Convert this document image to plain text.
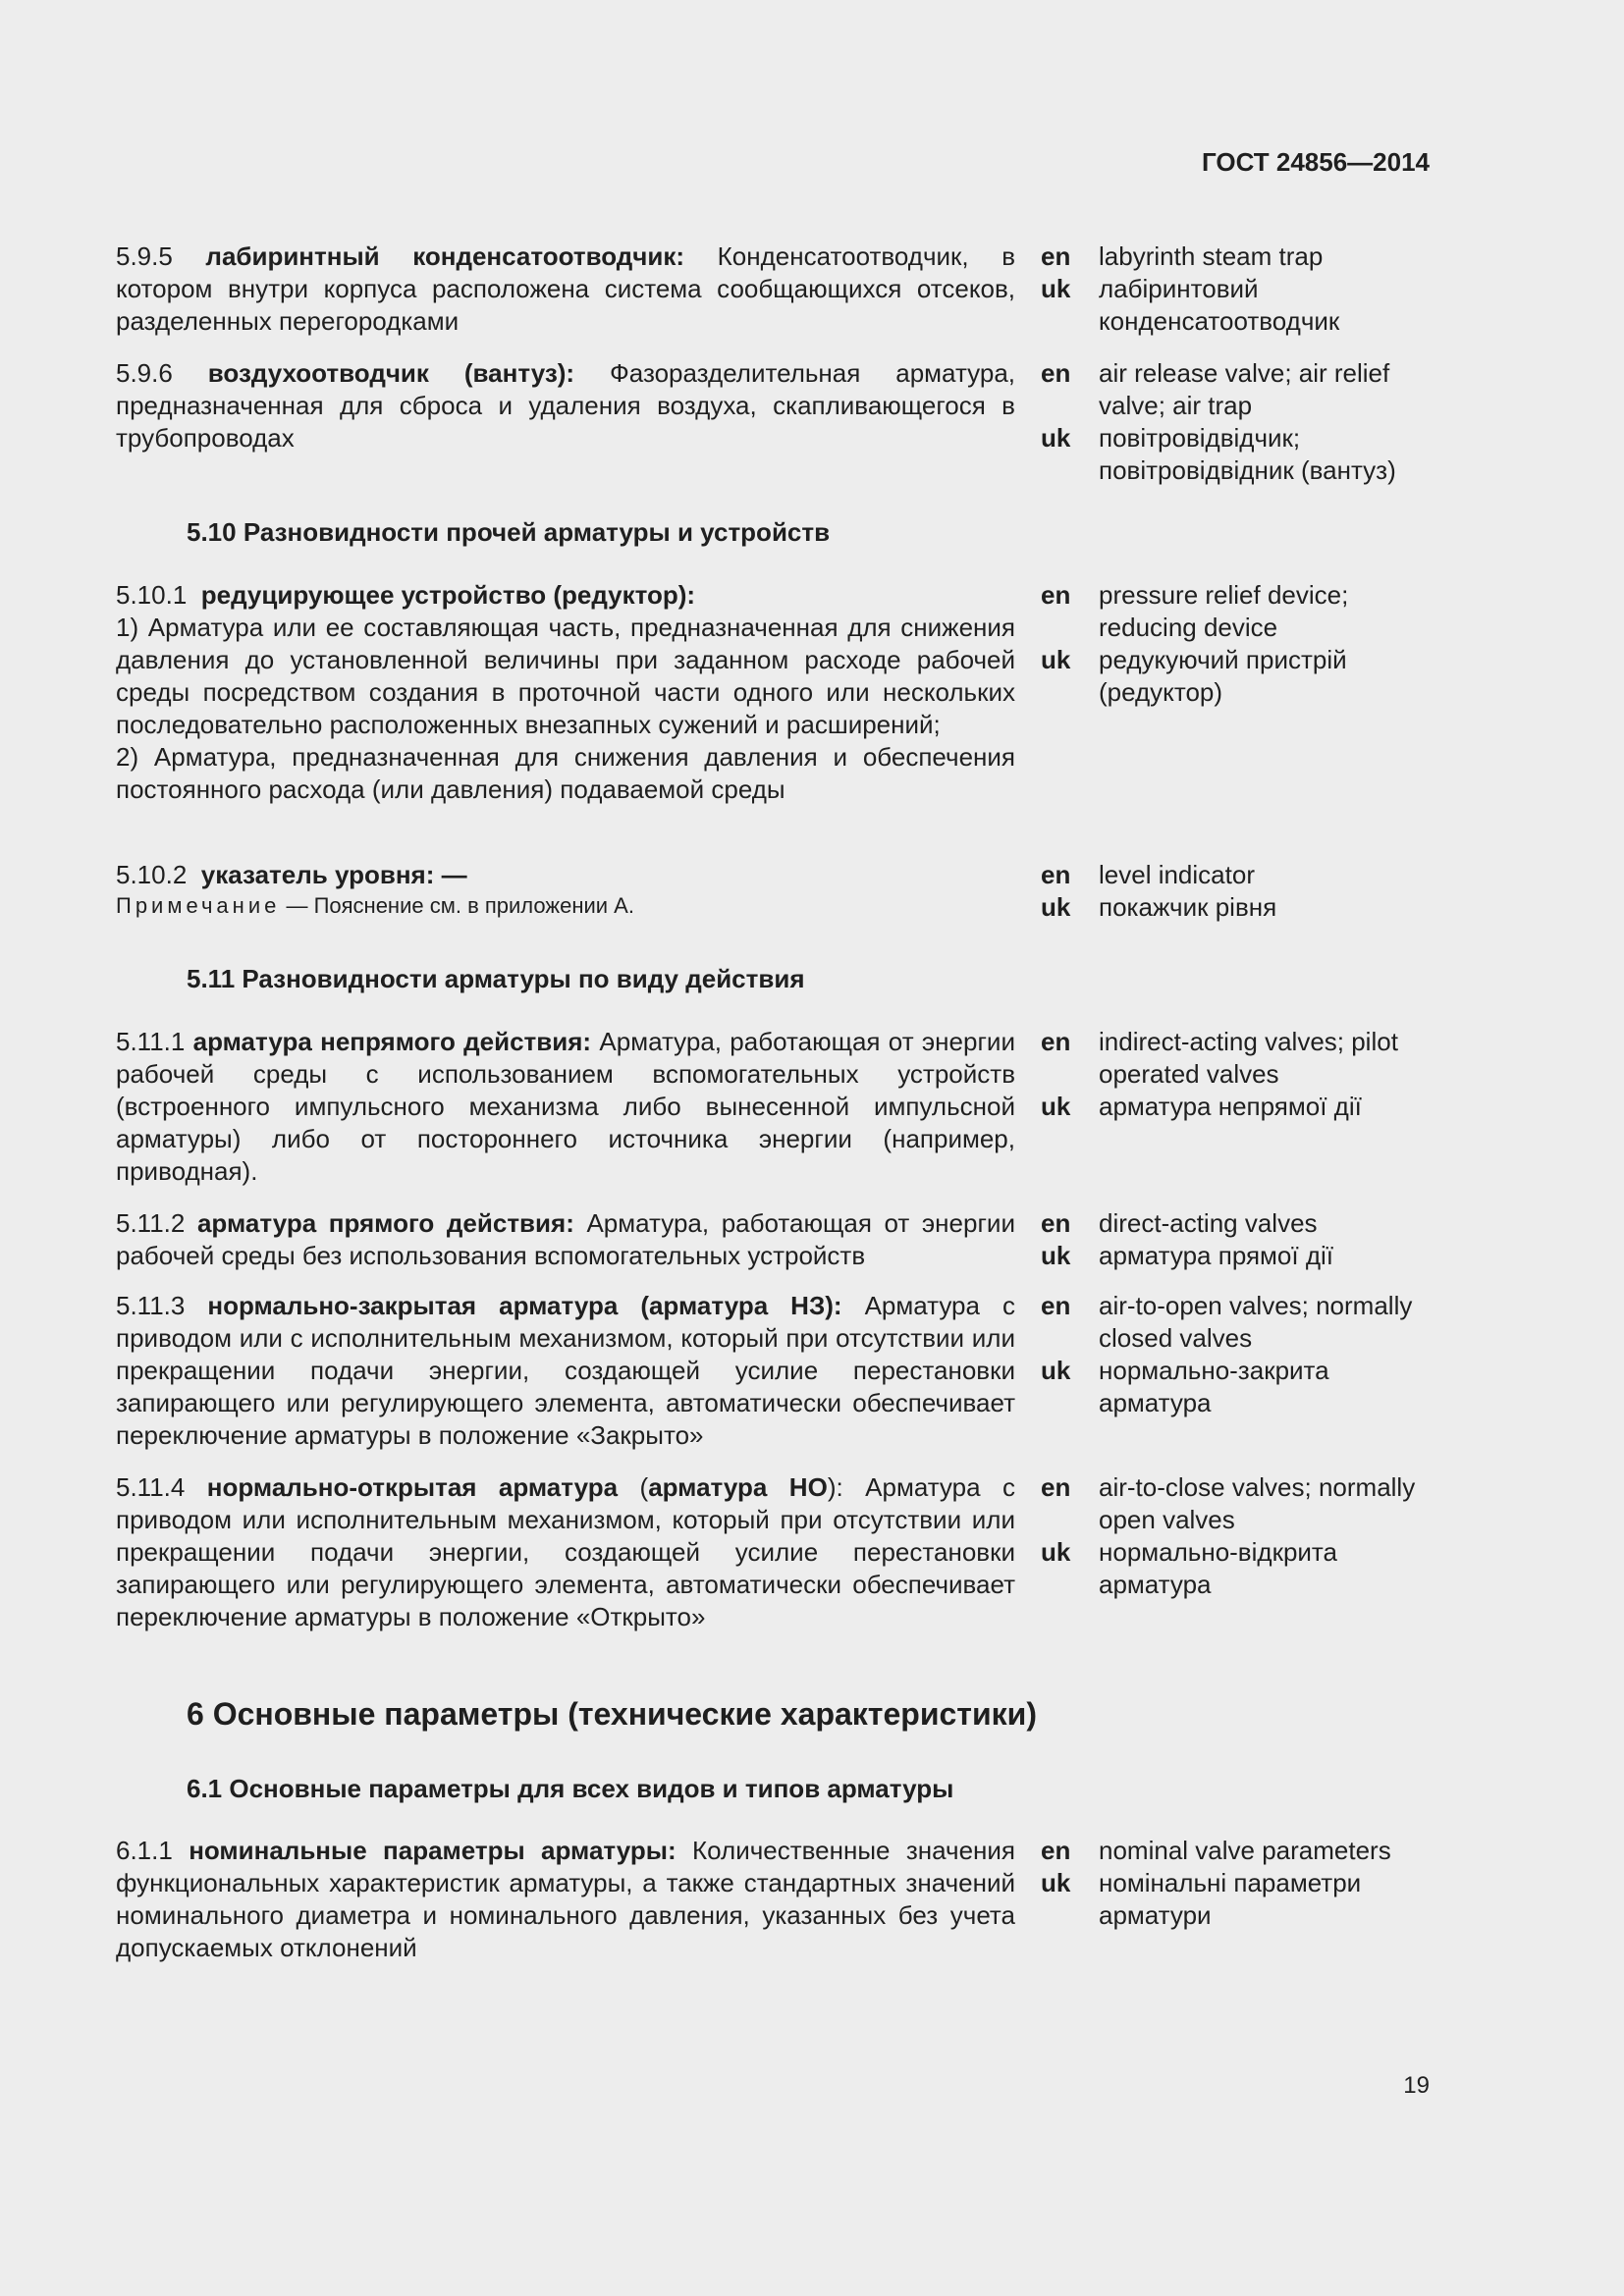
ГОСТ 24856—2014

5.9.5 лабиринтный конденсатоотводчик: Конденсатоотводчик, в котором внутри корпуса расположена система сообщающихся отсеков, разделенных перегородками

en labyrinth steam trap
uk лабіринтовий конденсатоотводчик

5.9.6 воздухоотводчик (вантуз): Фазоразделительная арматура, предназначенная для сброса и удаления воздуха, скапливающегося в трубопроводах

en air release valve; air relief valve; air trap
uk повітровідвідчик; повітровідвідник (вантуз)
5.10 Разновидности прочей арматуры и устройств

5.10.1 редуцирующее устройство (редуктор):

1) Арматура или ее составляющая часть, предназначенная для снижения давления до установленной величины при заданном расходе рабочей среды посредством создания в проточной части одного или нескольких последовательно расположенных внезапных сужений и расширений;

2) Арматура, предназначенная для снижения давления и обеспечения постоянного расхода (или давления) подаваемой среды

en pressure relief device; reducing device
uk редукуючий пристрій (редуктор)

5.10.2 указатель уровня: —

Примечание — Пояснение см. в приложении А.

en level indicator
uk покажчик рівня
5.11 Разновидности арматуры по виду действия

5.11.1 арматура непрямого действия: Арматура, работающая от энергии рабочей среды с использованием вспомогательных устройств (встроенного импульсного механизма либо вынесенной импульсной арматуры) либо от постороннего источника энергии (например, приводная).

en indirect-acting valves; pilot operated valves
uk арматура непрямої дії

5.11.2 арматура прямого действия: Арматура, работающая от энергии рабочей среды без использования вспомогательных устройств

en direct-acting valves
uk арматура прямої дії

5.11.3 нормально-закрытая арматура (арматура НЗ): Арматура с приводом или с исполнительным механизмом, который при отсутствии или прекращении подачи энергии, создающей усилие перестановки запирающего или регулирующего элемента, автоматически обеспечивает переключение арматуры в положение «Закрыто»

en air-to-open valves; normally closed valves
uk нормально-закрита арматура

5.11.4 нормально-открытая арматура (арматура НО): Арматура с приводом или исполнительным механизмом, который при отсутствии или прекращении подачи энергии, создающей усилие перестановки запирающего или регулирующего элемента, автоматически обеспечивает переключение арматуры в положение «Открыто»

en air-to-close valves; normally open valves
uk нормально-відкрита арматура
6 Основные параметры (технические характеристики)
6.1 Основные параметры для всех видов и типов арматуры

6.1.1 номинальные параметры арматуры: Количественные значения функциональных характеристик арматуры, а также стандартных значений номинального диаметра и номинального давления, указанных без учета допускаемых отклонений

en nominal valve parameters
uk номінальні параметри арматури
19
